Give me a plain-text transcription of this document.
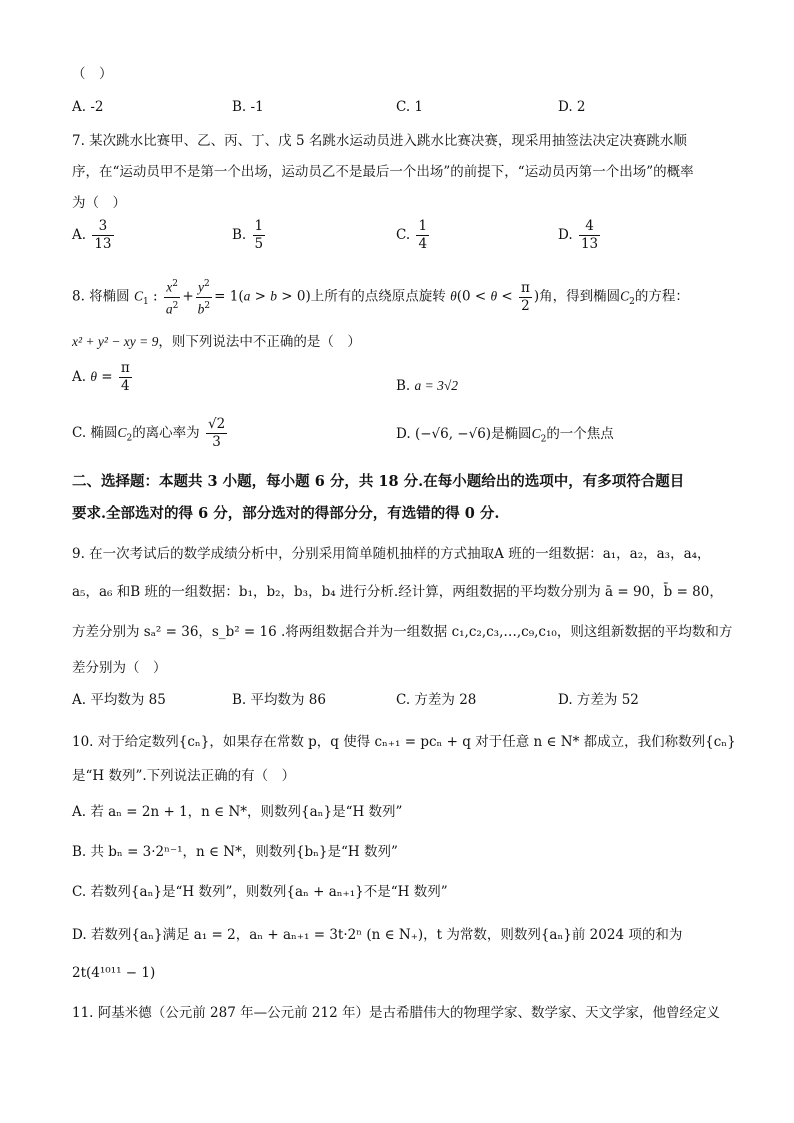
（　）
A. -2	B. -1	C. 1	D. 2
7. 某次跳水比赛甲、乙、丙、丁、戊 5 名跳水运动员进入跳水比赛决赛，现采用抽签法决定决赛跳水顺
序，在“运动员甲不是第一个出场，运动员乙不是最后一个出场”的前提下，“运动员丙第一个出场”的概率
为（　）
A. $\frac{3}{13}$	B. $\frac{1}{5}$	C. $\frac{1}{4}$	D. $\frac{4}{13}$
8. 将椭圆 $C_1$ : $\frac{x^2}{a^2} + \frac{y^2}{b^2} = 1(a > b > 0)$上所有的点绕原点旋转 $\theta(0 < \theta < \frac{\pi}{2}$ )角，得到椭圆$C_2$的方程：
x² + y² − xy = 9，则下列说法中不正确的是（　）
A. $\theta = \frac{\pi}{4}$	B. a = 3√2
C. 椭圆$C_2$的离心率为 $\frac{√2}{3}$	D. (−√6, −√6)是椭圆$C_2$的一个焦点
二、选择题：本题共 3 小题，每小题 6 分，共 18 分.在每小题给出的选项中，有多项符合题目
要求.全部选对的得 6 分，部分选对的得部分分，有选错的得 0 分.
9. 在一次考试后的数学成绩分析中，分别采用简单随机抽样的方式抽取A 班的一组数据：a₁，a₂，a₃，a₄，
a₅，a₆ 和B 班的一组数据：b₁，b₂，b₃，b₄ 进行分析.经计算，两组数据的平均数分别为 ā = 90，b̄ = 80，
方差分别为 sₐ² = 36，s_b² = 16 .将两组数据合并为一组数据 c₁,c₂,c₃,…,c₉,c₁₀，则这组新数据的平均数和方
差分别为（　）
A. 平均数为 85	B. 平均数为 86	C. 方差为 28	D. 方差为 52
10. 对于给定数列{cₙ}，如果存在常数 p，q 使得 cₙ₊₁ = pcₙ + q 对于任意 n ∈ N* 都成立，我们称数列{cₙ}
是“H 数列”.下列说法正确的有（　）
A. 若 aₙ = 2n + 1，n ∈ N*，则数列{aₙ}是“H 数列”
B. 共 bₙ = 3·2ⁿ⁻¹，n ∈ N*，则数列{bₙ}是“H 数列”
C. 若数列{aₙ}是“H 数列”，则数列{aₙ + aₙ₊₁}不是“H 数列”
D. 若数列{aₙ}满足 a₁ = 2，aₙ + aₙ₊₁ = 3t·2ⁿ (n ∈ N₊)，t 为常数，则数列{aₙ}前 2024 项的和为
2t(4¹⁰¹¹ − 1)
11. 阿基米德（公元前 287 年—公元前 212 年）是古希腊伟大的物理学家、数学家、天文学家，他曾经定义
